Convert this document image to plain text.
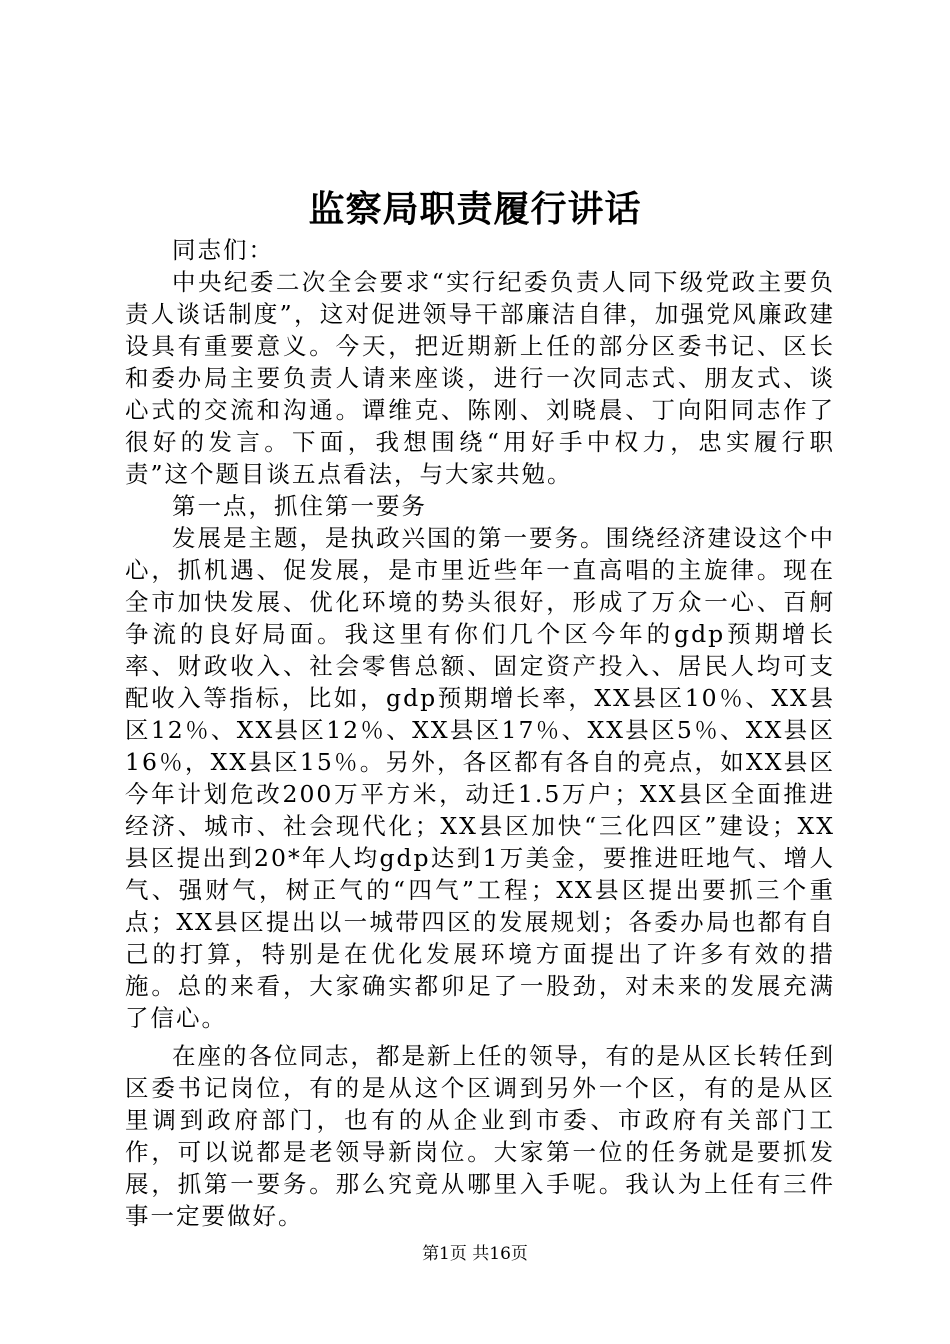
监察局职责履行讲话

同志们：

中央纪委二次全会要求“实行纪委负责人同下级党政主要负责人谈话制度”，这对促进领导干部廉洁自律，加强党风廉政建设具有重要意义。今天，把近期新上任的部分区委书记、区长和委办局主要负责人请来座谈，进行一次同志式、朋友式、谈心式的交流和沟通。谭维克、陈刚、刘晓晨、丁向阳同志作了很好的发言。下面，我想围绕“用好手中权力，忠实履行职责”这个题目谈五点看法，与大家共勉。

第一点，抓住第一要务

发展是主题，是执政兴国的第一要务。围绕经济建设这个中心，抓机遇、促发展，是市里近些年一直高唱的主旋律。现在全市加快发展、优化环境的势头很好，形成了万众一心、百舸争流的良好局面。我这里有你们几个区今年的gdp预期增长率、财政收入、社会零售总额、固定资产投入、居民人均可支配收入等指标，比如，gdp预期增长率，XX县区10％、XX县区12％、XX县区12％、XX县区17％、XX县区5％、XX县区16％，XX县区15％。另外，各区都有各自的亮点，如XX县区今年计划危改200万平方米，动迁1.5万户；XX县区全面推进经济、城市、社会现代化；XX县区加快“三化四区”建设；XX县区提出到20*年人均gdp达到1万美金，要推进旺地气、增人气、强财气，树正气的“四气”工程；XX县区提出要抓三个重点；XX县区提出以一城带四区的发展规划；各委办局也都有自己的打算，特别是在优化发展环境方面提出了许多有效的措施。总的来看，大家确实都卯足了一股劲，对未来的发展充满了信心。

在座的各位同志，都是新上任的领导，有的是从区长转任到区委书记岗位，有的是从这个区调到另外一个区，有的是从区里调到政府部门，也有的从企业到市委、市政府有关部门工作，可以说都是老领导新岗位。大家第一位的任务就是要抓发展，抓第一要务。那么究竟从哪里入手呢。我认为上任有三件事一定要做好。

第1页 共16页
